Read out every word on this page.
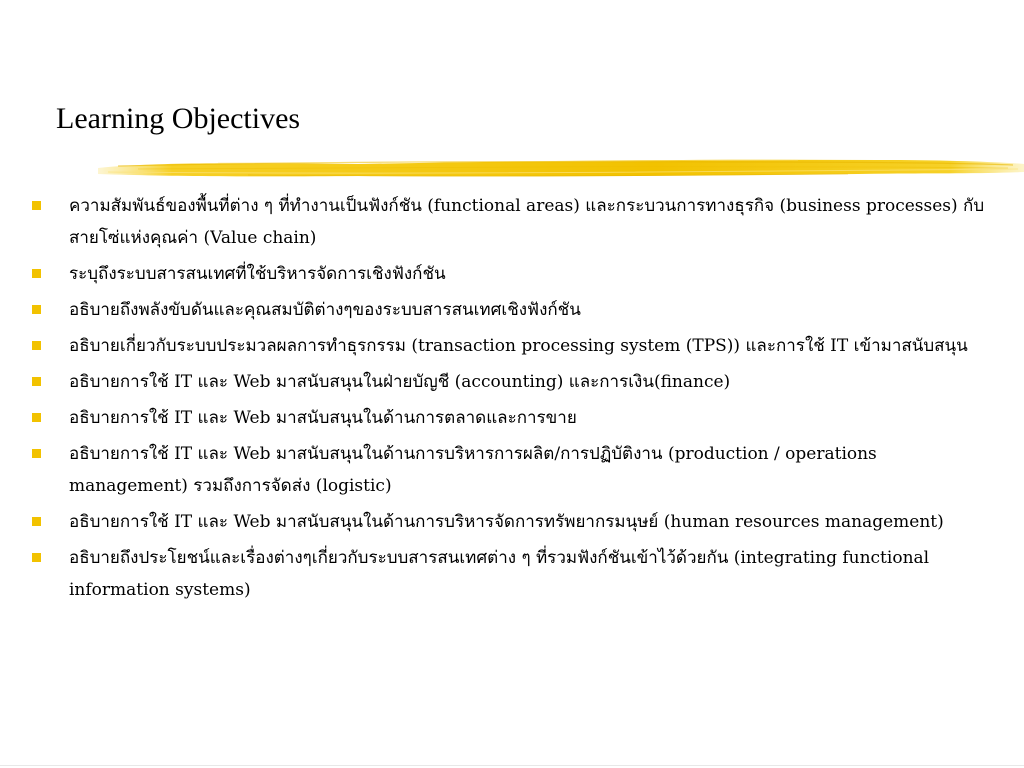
Learning Objectives
ความสัมพันธ์ของพื้นที่ต่าง ๆ ที่ทำงานเป็นฟังก์ชัน (functional areas) และกระบวนการทางธุรกิจ (business processes) กับสายโซ่แห่งคุณค่า (Value chain)
ระบุถึงระบบสารสนเทศที่ใช้บริหารจัดการเชิงฟังก์ชัน
อธิบายถึงพลังขับดันและคุณสมบัติต่างๆของระบบสารสนเทศเชิงฟังก์ชัน
อธิบายเกี่ยวกับระบบประมวลผลการทำธุรกรรม (transaction processing system (TPS)) และการใช้ IT เข้ามาสนับสนุน
อธิบายการใช้ IT และ Web มาสนับสนุนในฝ่ายบัญชี (accounting) และการเงิน(finance)
อธิบายการใช้ IT และ Web มาสนับสนุนในด้านการตลาดและการขาย
อธิบายการใช้ IT และ Web มาสนับสนุนในด้านการบริหารการผลิต/การปฏิบัติงาน (production / operations management) รวมถึงการจัดส่ง (logistic)
อธิบายการใช้ IT และ Web มาสนับสนุนในด้านการบริหารจัดการทรัพยากรมนุษย์ (human resources management)
อธิบายถึงประโยชน์และเรื่องต่างๆเกี่ยวกับระบบสารสนเทศต่าง ๆ ที่รวมฟังก์ชันเข้าไว้ด้วยกัน (integrating functional information systems)
